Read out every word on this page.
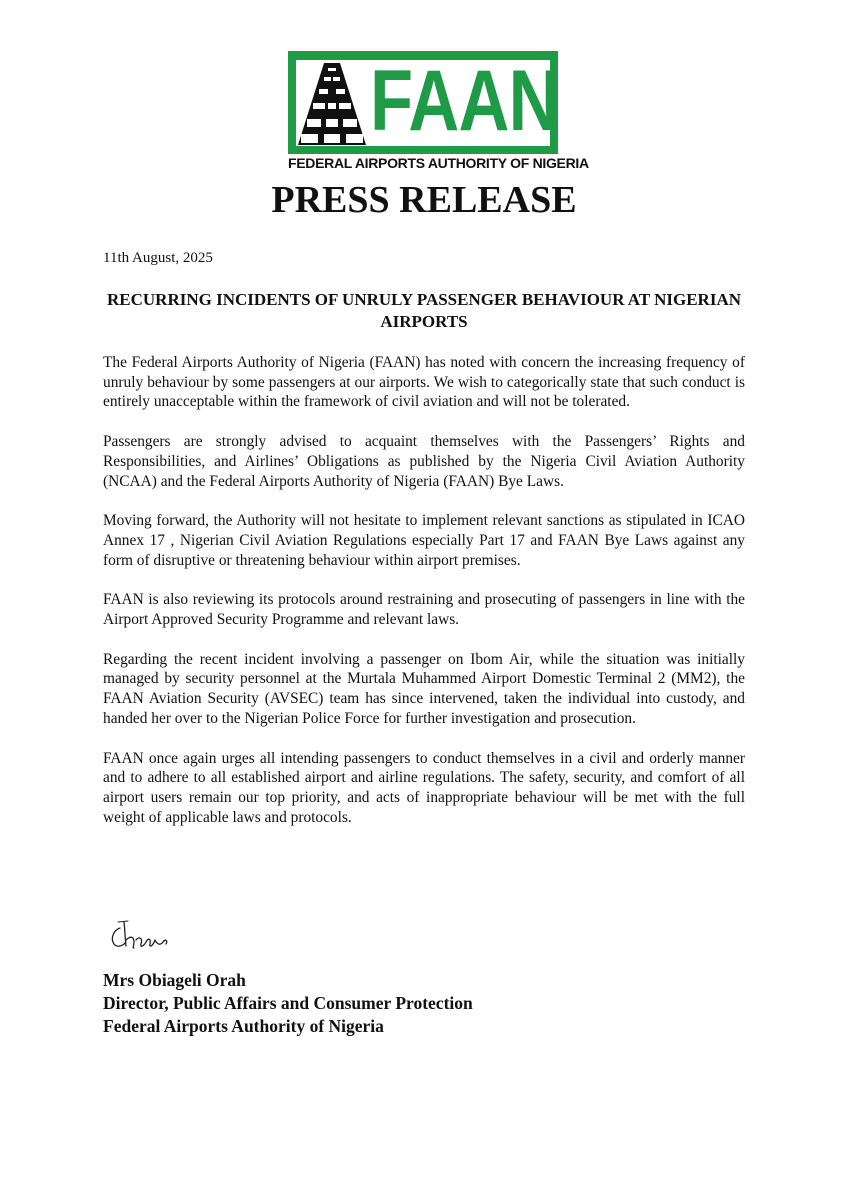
FAAN
FEDERAL AIRPORTS AUTHORITY OF NIGERIA
PRESS RELEASE
11th August, 2025
RECURRING INCIDENTS OF UNRULY PASSENGER BEHAVIOUR AT NIGERIAN AIRPORTS

The Federal Airports Authority of Nigeria (FAAN) has noted with concern the increasing frequency of unruly behaviour by some passengers at our airports. We wish to categorically state that such conduct is entirely unacceptable within the framework of civil aviation and will not be tolerated.

Passengers are strongly advised to acquaint themselves with the Passengers’ Rights and Responsibilities, and Airlines’ Obligations as published by the Nigeria Civil Aviation Authority (NCAA) and the Federal Airports Authority of Nigeria (FAAN) Bye Laws.

Moving forward, the Authority will not hesitate to implement relevant sanctions as stipulated in ICAO Annex 17 , Nigerian Civil Aviation Regulations especially Part 17 and FAAN Bye Laws against any form of disruptive or threatening behaviour within airport premises.

FAAN is also reviewing its protocols around restraining and prosecuting of passengers in line with the Airport Approved Security Programme and relevant laws.

Regarding the recent incident involving a passenger on Ibom Air, while the situation was initially managed by security personnel at the Murtala Muhammed Airport Domestic Terminal 2 (MM2), the FAAN Aviation Security (AVSEC) team has since intervened, taken the individual into custody, and handed her over to the Nigerian Police Force for further investigation and prosecution.

FAAN once again urges all intending passengers to conduct themselves in a civil and orderly manner and to adhere to all established airport and airline regulations. The safety, security, and comfort of all airport users remain our top priority, and acts of inappropriate behaviour will be met with the full weight of applicable laws and protocols.

Mrs Obiageli Orah
Director, Public Affairs and Consumer Protection
Federal Airports Authority of Nigeria
